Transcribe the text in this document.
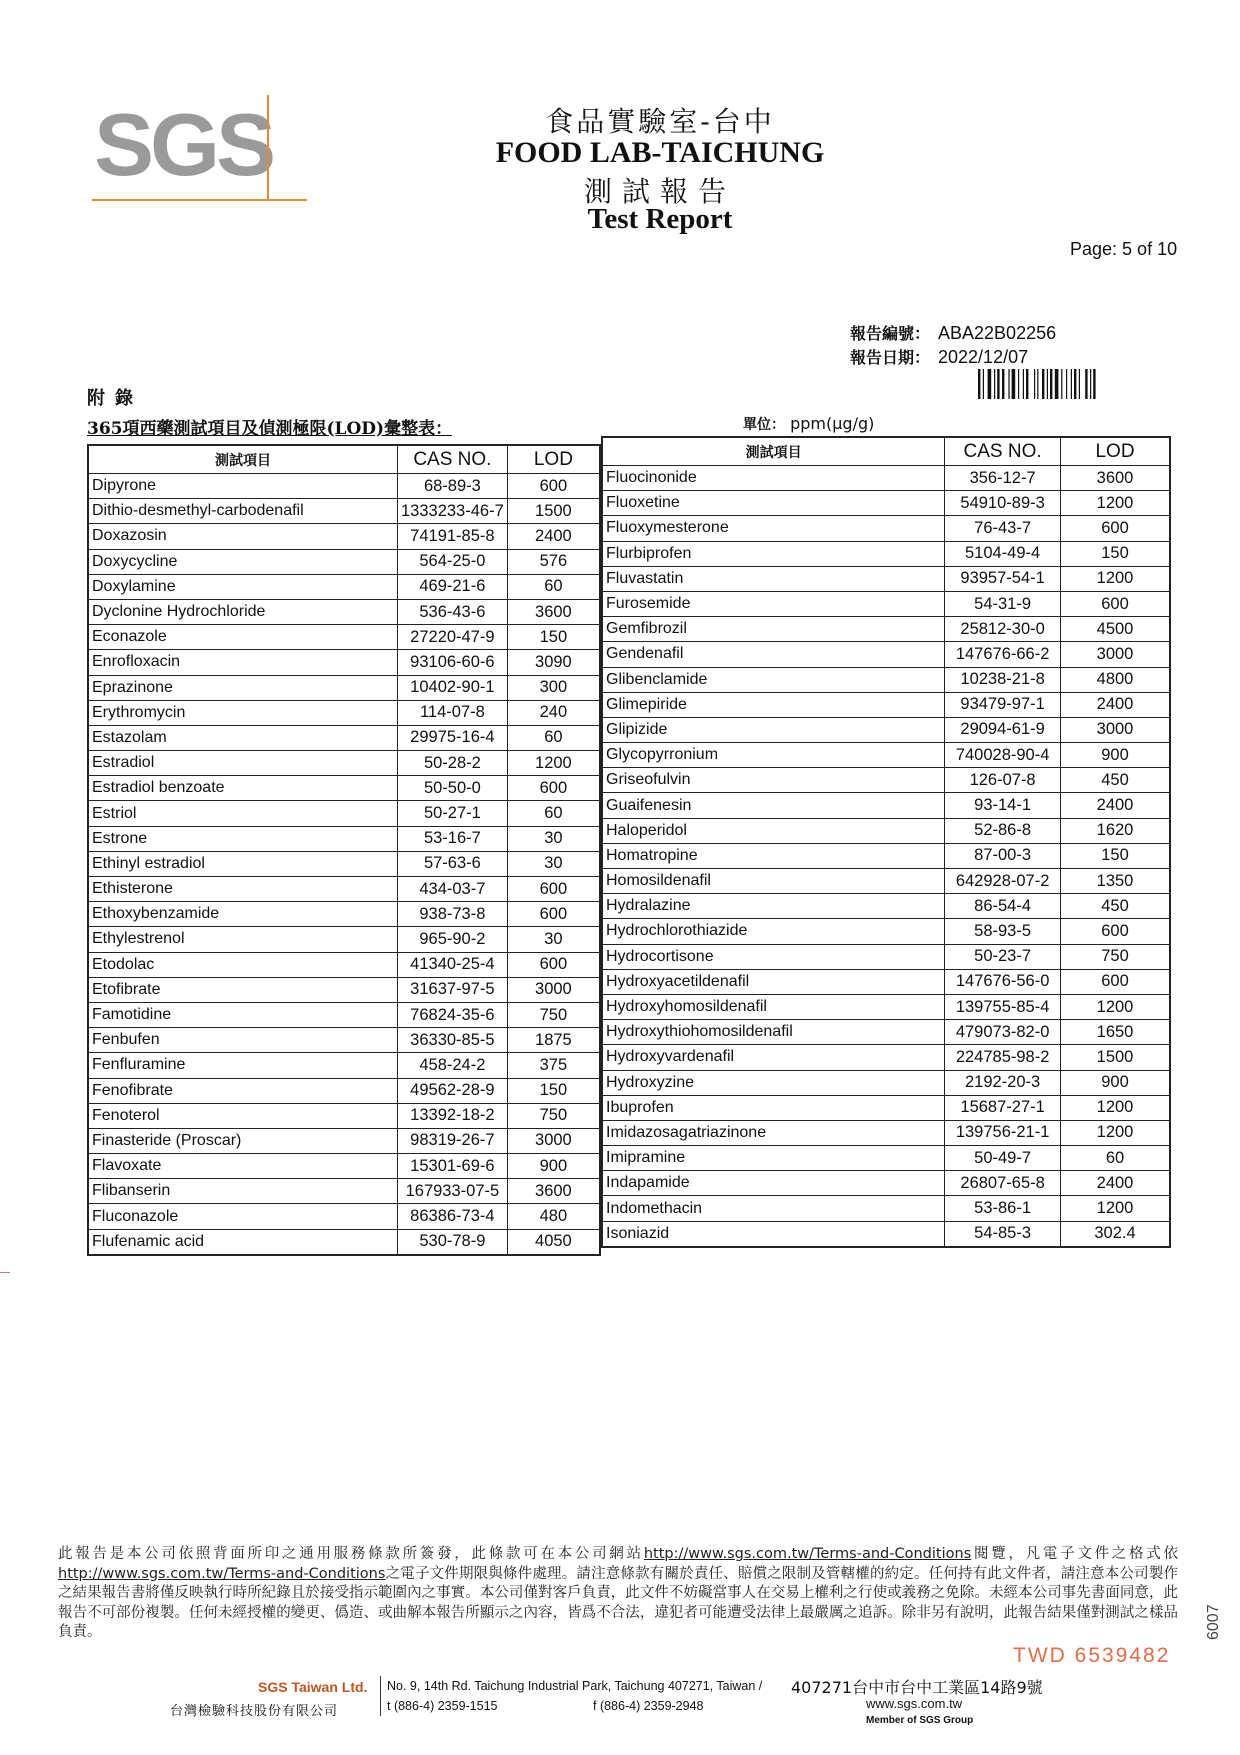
SGS	食品實驗室-台中
FOOD LAB-TAICHUNG
測試報告
Test Report
Page: 5 of 10
報告編號： ABA22B02256
報告日期： 2022/12/07
附錄
365項西藥測試項目及偵測極限(LOD)彙整表：	單位： ppm(μg/g)
測試項目	CAS NO.	LOD
Dipyrone	68-89-3	600
Dithio-desmethyl-carbodenafil	1333233-46-7	1500
Doxazosin	74191-85-8	2400
Doxycycline	564-25-0	576
Doxylamine	469-21-6	60
Dyclonine Hydrochloride	536-43-6	3600
Econazole	27220-47-9	150
Enrofloxacin	93106-60-6	3090
Eprazinone	10402-90-1	300
Erythromycin	114-07-8	240
Estazolam	29975-16-4	60
Estradiol	50-28-2	1200
Estradiol benzoate	50-50-0	600
Estriol	50-27-1	60
Estrone	53-16-7	30
Ethinyl estradiol	57-63-6	30
Ethisterone	434-03-7	600
Ethoxybenzamide	938-73-8	600
Ethylestrenol	965-90-2	30
Etodolac	41340-25-4	600
Etofibrate	31637-97-5	3000
Famotidine	76824-35-6	750
Fenbufen	36330-85-5	1875
Fenfluramine	458-24-2	375
Fenofibrate	49562-28-9	150
Fenoterol	13392-18-2	750
Finasteride (Proscar)	98319-26-7	3000
Flavoxate	15301-69-6	900
Flibanserin	167933-07-5	3600
Fluconazole	86386-73-4	480
Flufenamic acid	530-78-9	4050
測試項目	CAS NO.	LOD
Fluocinonide	356-12-7	3600
Fluoxetine	54910-89-3	1200
Fluoxymesterone	76-43-7	600
Flurbiprofen	5104-49-4	150
Fluvastatin	93957-54-1	1200
Furosemide	54-31-9	600
Gemfibrozil	25812-30-0	4500
Gendenafil	147676-66-2	3000
Glibenclamide	10238-21-8	4800
Glimepiride	93479-97-1	2400
Glipizide	29094-61-9	3000
Glycopyrronium	740028-90-4	900
Griseofulvin	126-07-8	450
Guaifenesin	93-14-1	2400
Haloperidol	52-86-8	1620
Homatropine	87-00-3	150
Homosildenafil	642928-07-2	1350
Hydralazine	86-54-4	450
Hydrochlorothiazide	58-93-5	600
Hydrocortisone	50-23-7	750
Hydroxyacetildenafil	147676-56-0	600
Hydroxyhomosildenafil	139755-85-4	1200
Hydroxythiohomosildenafil	479073-82-0	1650
Hydroxyvardenafil	224785-98-2	1500
Hydroxyzine	2192-20-3	900
Ibuprofen	15687-27-1	1200
Imidazosagatriazinone	139756-21-1	1200
Imipramine	50-49-7	60
Indapamide	26807-65-8	2400
Indomethacin	53-86-1	1200
Isoniazid	54-85-3	302.4
此報告是本公司依照背面所印之通用服務條款所簽發，此條款可在本公司網站http://www.sgs.com.tw/Terms-and-Conditions閱覽，凡電子文件之格式依http://www.sgs.com.tw/Terms-and-Conditions之電子文件期限與條件處理。請注意條款有關於責任、賠償之限制及管轄權的約定。任何持有此文件者，請注意本公司製作之結果報告書將僅反映執行時所紀錄且於接受指示範圍內之事實。本公司僅對客戶負責，此文件不妨礙當事人在交易上權利之行使或義務之免除。未經本公司事先書面同意，此報告不可部份複製。任何未經授權的變更、僞造、或曲解本報告所顯示之內容，皆爲不合法，違犯者可能遭受法律上最嚴厲之追訴。除非另有說明，此報告結果僅對測試之樣品負責。
TWD 6539482
6007
SGS Taiwan Ltd.
台灣檢驗科技股份有限公司
No. 9, 14th Rd. Taichung Industrial Park, Taichung 407271, Taiwan / 407271台中市台中工業區14路9號
t (886-4) 2359-1515	f (886-4) 2359-2948	www.sgs.com.tw
Member of SGS Group
